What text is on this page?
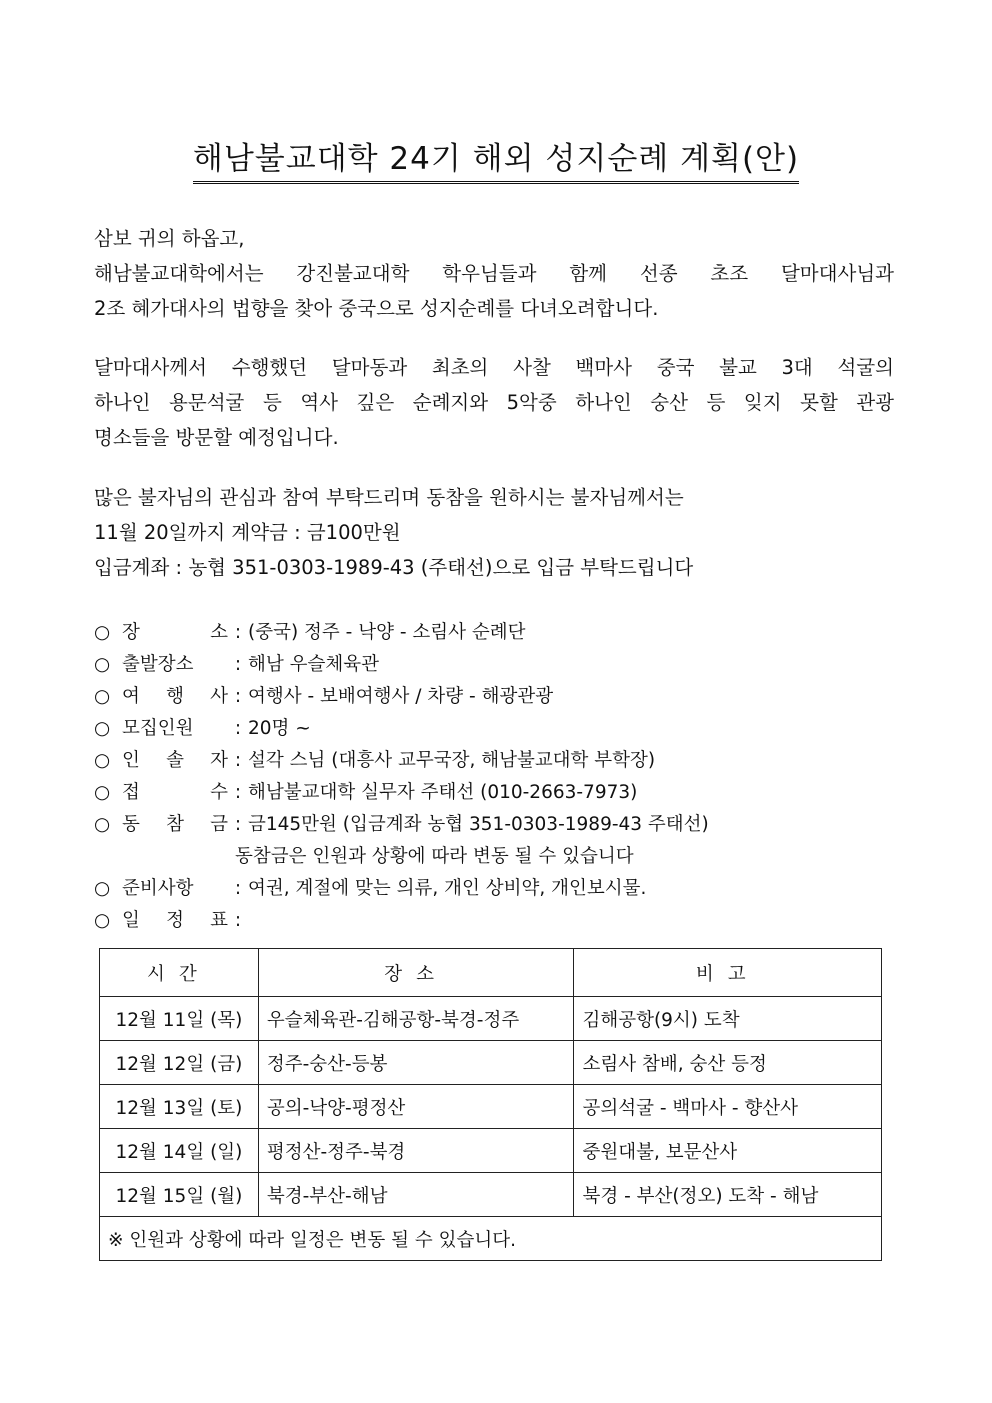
해남불교대학 24기 해외 성지순례 계획(안)
삼보 귀의 하옵고,
해남불교대학에서는 강진불교대학 학우님들과 함께 선종 초조 달마대사님과
2조 혜가대사의 법향을 찾아 중국으로 성지순례를 다녀오려합니다.
달마대사께서 수행했던 달마동과 최초의 사찰 백마사 중국 불교 3대 석굴의
하나인 용문석굴 등 역사 깊은 순례지와 5악중 하나인 숭산 등 잊지 못할 관광
명소들을 방문할 예정입니다.
많은 불자님의 관심과 참여 부탁드리며 동참을 원하시는 불자님께서는
11월 20일까지 계약금 : 금100만원
입금계좌 : 농협 351-0303-1989-43 (주태선)으로 입금 부탁드립니다
○ 장 소 : (중국) 정주 - 낙양 - 소림사 순례단
○ 출발장소	: 해남 우슬체육관
○ 여 행 사 : 여행사 - 보배여행사 / 차량 - 해광관광
○ 모집인원	: 20명 ~
○ 인 솔 자 : 설각 스님 (대흥사 교무국장, 해남불교대학 부학장)
○ 접 수 : 해남불교대학 실무자 주태선 (010-2663-7973)
○ 동 참 금 : 금145만원 (입금계좌 농협 351-0303-1989-43 주태선)
동참금은 인원과 상황에 따라 변동 될 수 있습니다
○ 준비사항	: 여권, 계절에 맞는 의류, 개인 상비약, 개인보시물.
○ 일 정 표 :
시간	장소	비고
12월 11일 (목)	우슬체육관-김해공항-북경-정주	김해공항(9시) 도착
12월 12일 (금)	정주-숭산-등봉	소림사 참배, 숭산 등정
12월 13일 (토)	공의-낙양-평정산	공의석굴 - 백마사 - 향산사
12월 14일 (일)	평정산-정주-북경	중원대불, 보문산사
12월 15일 (월)	북경-부산-해남	북경 - 부산(정오) 도착 - 해남
※ 인원과 상황에 따라 일정은 변동 될 수 있습니다.		
